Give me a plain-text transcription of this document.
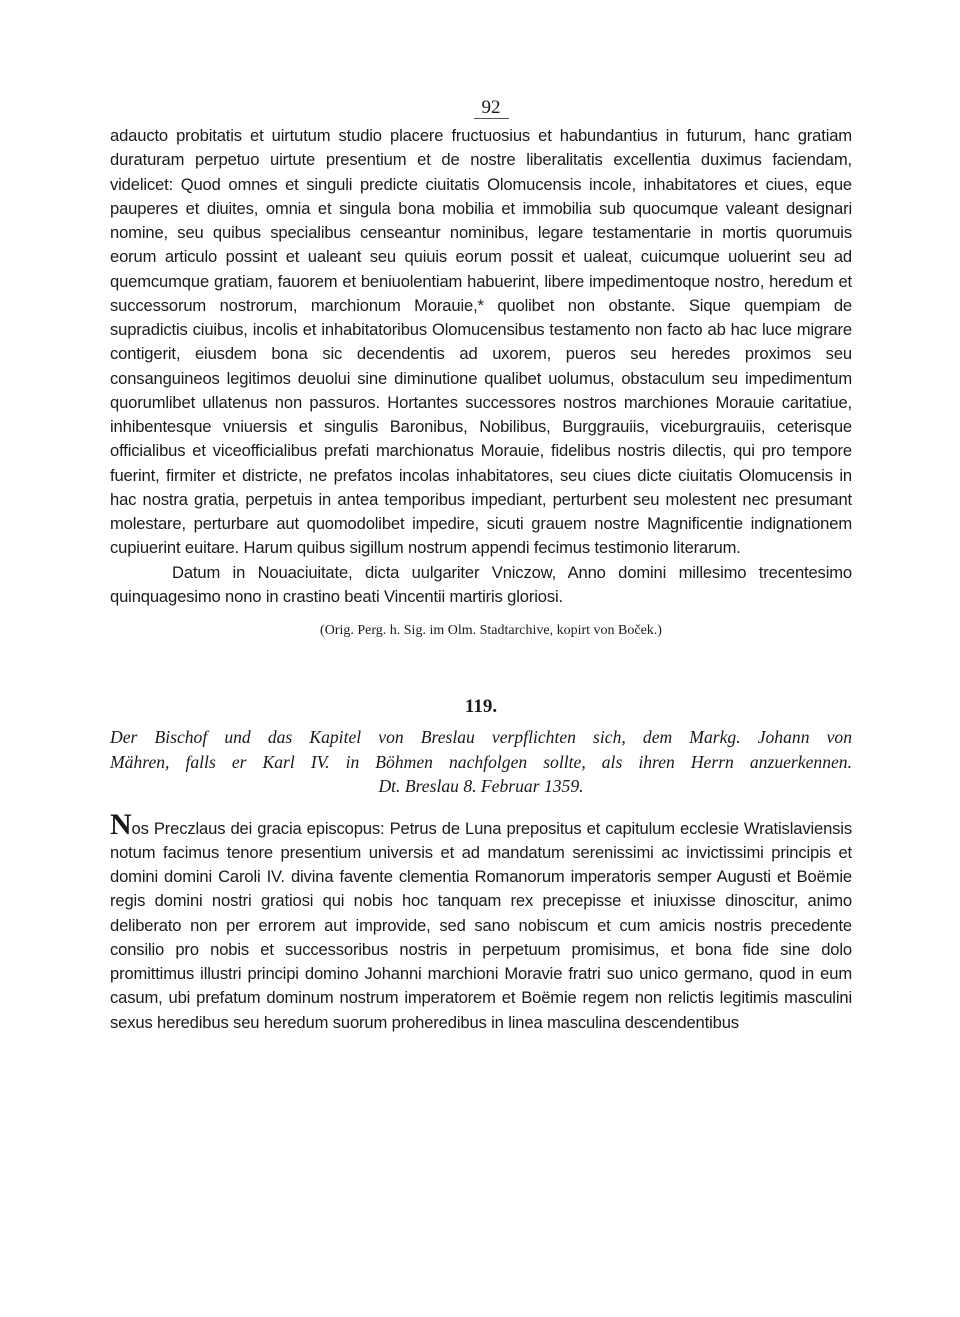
92

adaucto probitatis et uirtutum studio placere fructuosius et habundantius in futurum, hanc gratiam duraturam perpetuo uirtute presentium et de nostre liberalitatis excellentia duximus faciendam, videlicet: Quod omnes et singuli predicte ciuitatis Olomucensis incole, inhabitatores et ciues, eque pauperes et diuites, omnia et singula bona mobilia et immobilia sub quocumque valeant designari nomine, seu quibus specialibus censeantur nominibus, legare testamentarie in mortis quorumuis eorum articulo possint et ualeant seu quiuis eorum possit et ualeat, cuicumque uoluerint seu ad quemcumque gratiam, fauorem et beniuolentiam habuerint, libere impedimentoque nostro, heredum et successorum nostrorum, marchionum Morauie,* quolibet non obstante. Sique quempiam de supradictis ciuibus, incolis et inhabitatoribus Olomucensibus testamento non facto ab hac luce migrare contigerit, eiusdem bona sic decendentis ad uxorem, pueros seu heredes proximos seu consanguineos legitimos deuolui sine diminutione qualibet uolumus, obstaculum seu impedimentum quorumlibet ullatenus non passuros. Hortantes successores nostros marchiones Morauie caritatiue, inhibentesque vniuersis et singulis Baronibus, Nobilibus, Burggrauiis, viceburgrauiis, ceterisque officialibus et viceofficialibus prefati marchionatus Morauie, fidelibus nostris dilectis, qui pro tempore fuerint, firmiter et districte, ne prefatos incolas inhabitatores, seu ciues dicte ciuitatis Olomucensis in hac nostra gratia, perpetuis in antea temporibus impediant, perturbent seu molestent nec presumant molestare, perturbare aut quomodolibet impedire, sicuti grauem nostre Magnificentie indignationem cupiuerint euitare. Harum quibus sigillum nostrum appendi fecimus testimonio literarum.

Datum in Nouaciuitate, dicta uulgariter Vniczow, Anno domini millesimo trecentesimo quinquagesimo nono in crastino beati Vincentii martiris gloriosi.

(Orig. Perg. h. Sig. im Olm. Stadtarchive, kopirt von Boček.)

119.
Der Bischof und das Kapitel von Breslau verpflichten sich, dem Markg. Johann von
Mähren, falls er Karl IV. in Böhmen nachfolgen sollte, als ihren Herrn anzuerkennen.
Dt. Breslau 8. Februar 1359.

Nos Preczlaus dei gracia episcopus: Petrus de Luna prepositus et capitulum ecclesie Wratislaviensis notum facimus tenore presentium universis et ad mandatum serenissimi ac invictissimi principis et domini domini Caroli IV. divina favente clementia Romanorum imperatoris semper Augusti et Boëmie regis domini nostri gratiosi qui nobis hoc tanquam rex precepisse et iniuxisse dinoscitur, animo deliberato non per errorem aut improvide, sed sano nobiscum et cum amicis nostris precedente consilio pro nobis et successoribus nostris in perpetuum promisimus, et bona fide sine dolo promittimus illustri principi domino Johanni marchioni Moravie fratri suo unico germano, quod in eum casum, ubi prefatum dominum nostrum imperatorem et Boëmie regem non relictis legitimis masculini sexus heredibus seu heredum suorum proheredibus in linea masculina descendentibus
